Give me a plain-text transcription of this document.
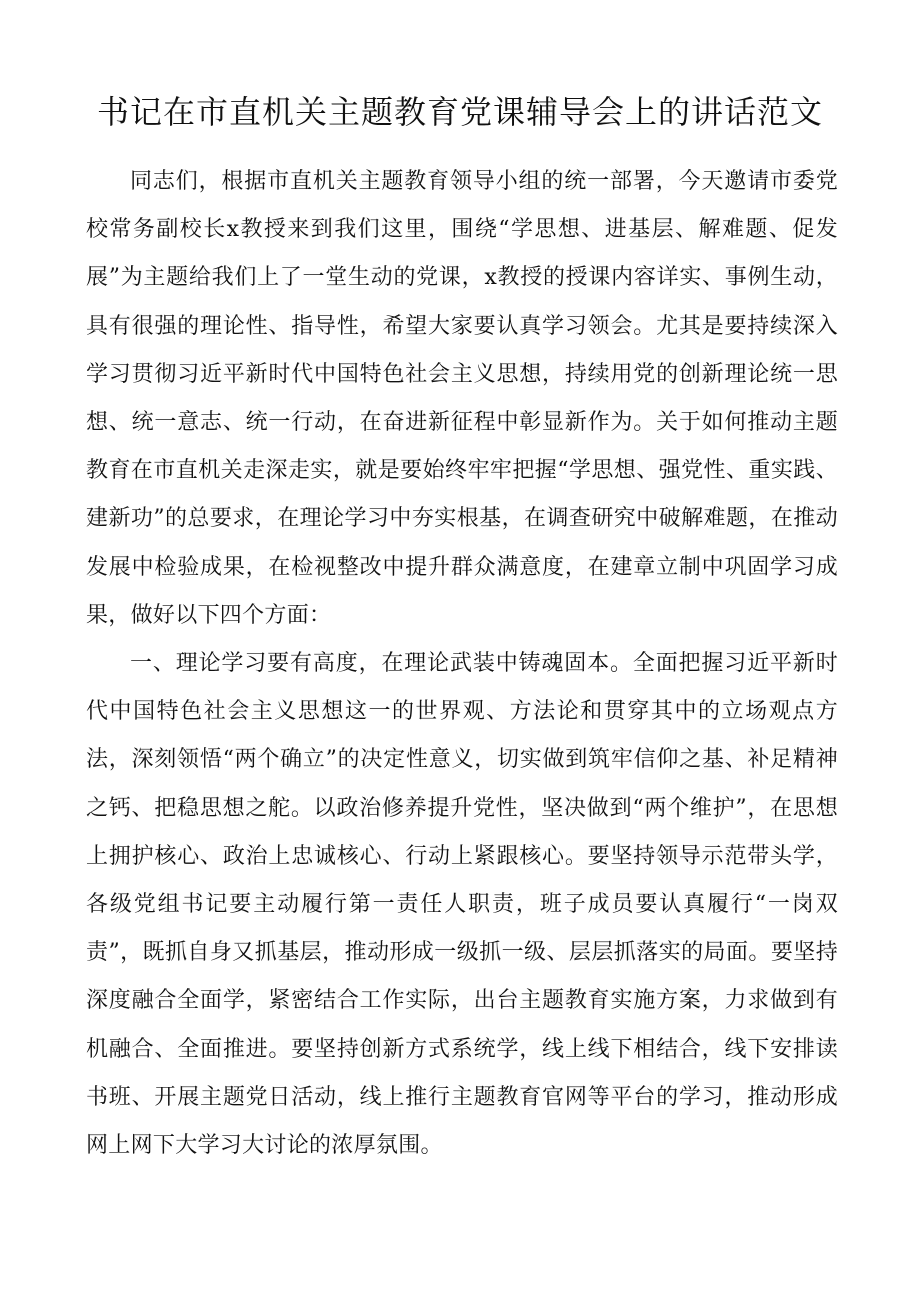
书记在市直机关主题教育党课辅导会上的讲话范文

同志们，根据市直机关主题教育领导小组的统一部署，今天邀请市委党校常务副校长x教授来到我们这里，围绕“学思想、进基层、解难题、促发展”为主题给我们上了一堂生动的党课，x教授的授课内容详实、事例生动，具有很强的理论性、指导性，希望大家要认真学习领会。尤其是要持续深入学习贯彻习近平新时代中国特色社会主义思想，持续用党的创新理论统一思想、统一意志、统一行动，在奋进新征程中彰显新作为。关于如何推动主题教育在市直机关走深走实，就是要始终牢牢把握“学思想、强党性、重实践、建新功”的总要求，在理论学习中夯实根基，在调查研究中破解难题，在推动发展中检验成果，在检视整改中提升群众满意度，在建章立制中巩固学习成果，做好以下四个方面：

一、理论学习要有高度，在理论武装中铸魂固本。全面把握习近平新时代中国特色社会主义思想这一的世界观、方法论和贯穿其中的立场观点方法，深刻领悟“两个确立”的决定性意义，切实做到筑牢信仰之基、补足精神之钙、把稳思想之舵。以政治修养提升党性，坚决做到“两个维护”，在思想上拥护核心、政治上忠诚核心、行动上紧跟核心。要坚持领导示范带头学，各级党组书记要主动履行第一责任人职责，班子成员要认真履行“一岗双责”，既抓自身又抓基层，推动形成一级抓一级、层层抓落实的局面。要坚持深度融合全面学，紧密结合工作实际，出台主题教育实施方案，力求做到有机融合、全面推进。要坚持创新方式系统学，线上线下相结合，线下安排读书班、开展主题党日活动，线上推行主题教育官网等平台的学习，推动形成网上网下大学习大讨论的浓厚氛围。
